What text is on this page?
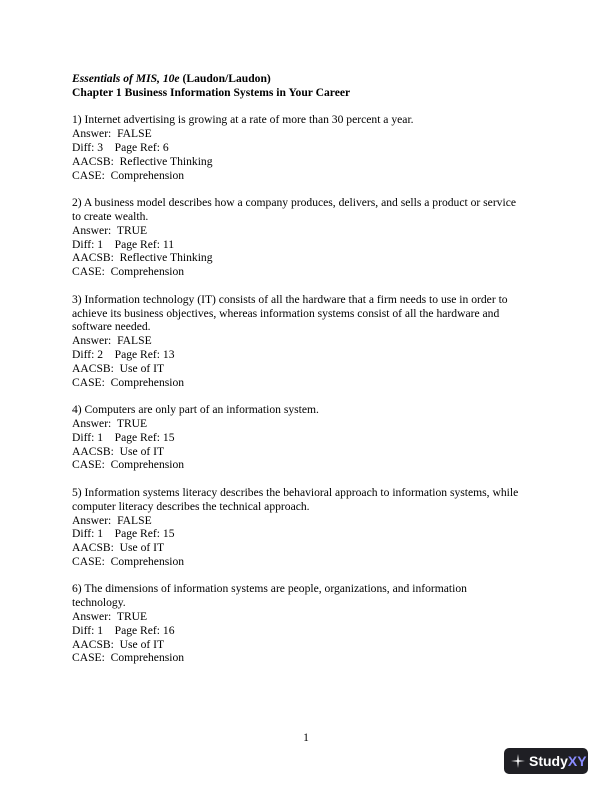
Essentials of MIS, 10e (Laudon/Laudon)
Chapter 1 Business Information Systems in Your Career
1) Internet advertising is growing at a rate of more than 30 percent a year.
Answer:  FALSE
Diff: 3    Page Ref: 6
AACSB:  Reflective Thinking
CASE:  Comprehension
2) A business model describes how a company produces, delivers, and sells a product or service
to create wealth.
Answer:  TRUE
Diff: 1    Page Ref: 11
AACSB:  Reflective Thinking
CASE:  Comprehension
3) Information technology (IT) consists of all the hardware that a firm needs to use in order to
achieve its business objectives, whereas information systems consist of all the hardware and
software needed.
Answer:  FALSE
Diff: 2    Page Ref: 13
AACSB:  Use of IT
CASE:  Comprehension
4) Computers are only part of an information system.
Answer:  TRUE
Diff: 1    Page Ref: 15
AACSB:  Use of IT
CASE:  Comprehension
5) Information systems literacy describes the behavioral approach to information systems, while
computer literacy describes the technical approach.
Answer:  FALSE
Diff: 1    Page Ref: 15
AACSB:  Use of IT
CASE:  Comprehension
6) The dimensions of information systems are people, organizations, and information
technology.
Answer:  TRUE
Diff: 1    Page Ref: 16
AACSB:  Use of IT
CASE:  Comprehension
1
StudyXY
